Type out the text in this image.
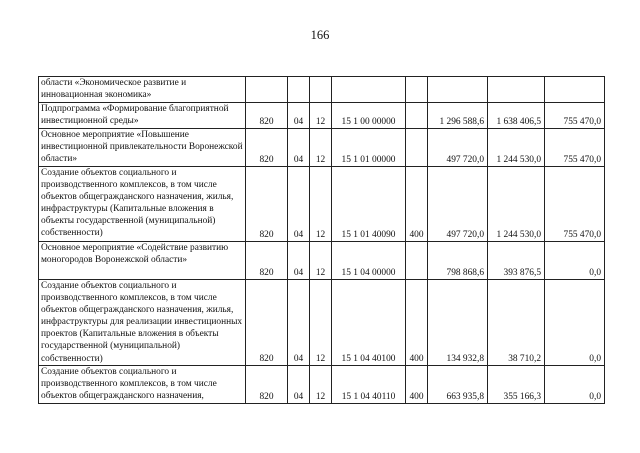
166
области «Экономическое развитие и инновационная экономика»								
Подпрограмма «Формирование благоприятной инвестиционной среды»	820	04	12	15 1 00 00000		1 296 588,6	1 638 406,5	755 470,0
Основное мероприятие «Повышение инвестиционной привлекательности Воронежской области»	820	04	12	15 1 01 00000		497 720,0	1 244 530,0	755 470,0
Создание объектов социального и производственного комплексов, в том числе объектов общегражданского назначения, жилья, инфраструктуры (Капитальные вложения в объекты государственной (муниципальной) собственности)	820	04	12	15 1 01 40090	400	497 720,0	1 244 530,0	755 470,0
Основное мероприятие «Содействие развитию моногородов Воронежской области»	820	04	12	15 1 04 00000		798 868,6	393 876,5	0,0
Создание объектов социального и производственного комплексов, в том числе объектов общегражданского назначения, жилья, инфраструктуры для реализации инвестиционных проектов (Капитальные вложения в объекты государственной (муниципальной) собственности)	820	04	12	15 1 04 40100	400	134 932,8	38 710,2	0,0
Создание объектов социального и производственного комплексов, в том числе объектов общегражданского назначения,	820	04	12	15 1 04 40110	400	663 935,8	355 166,3	0,0
